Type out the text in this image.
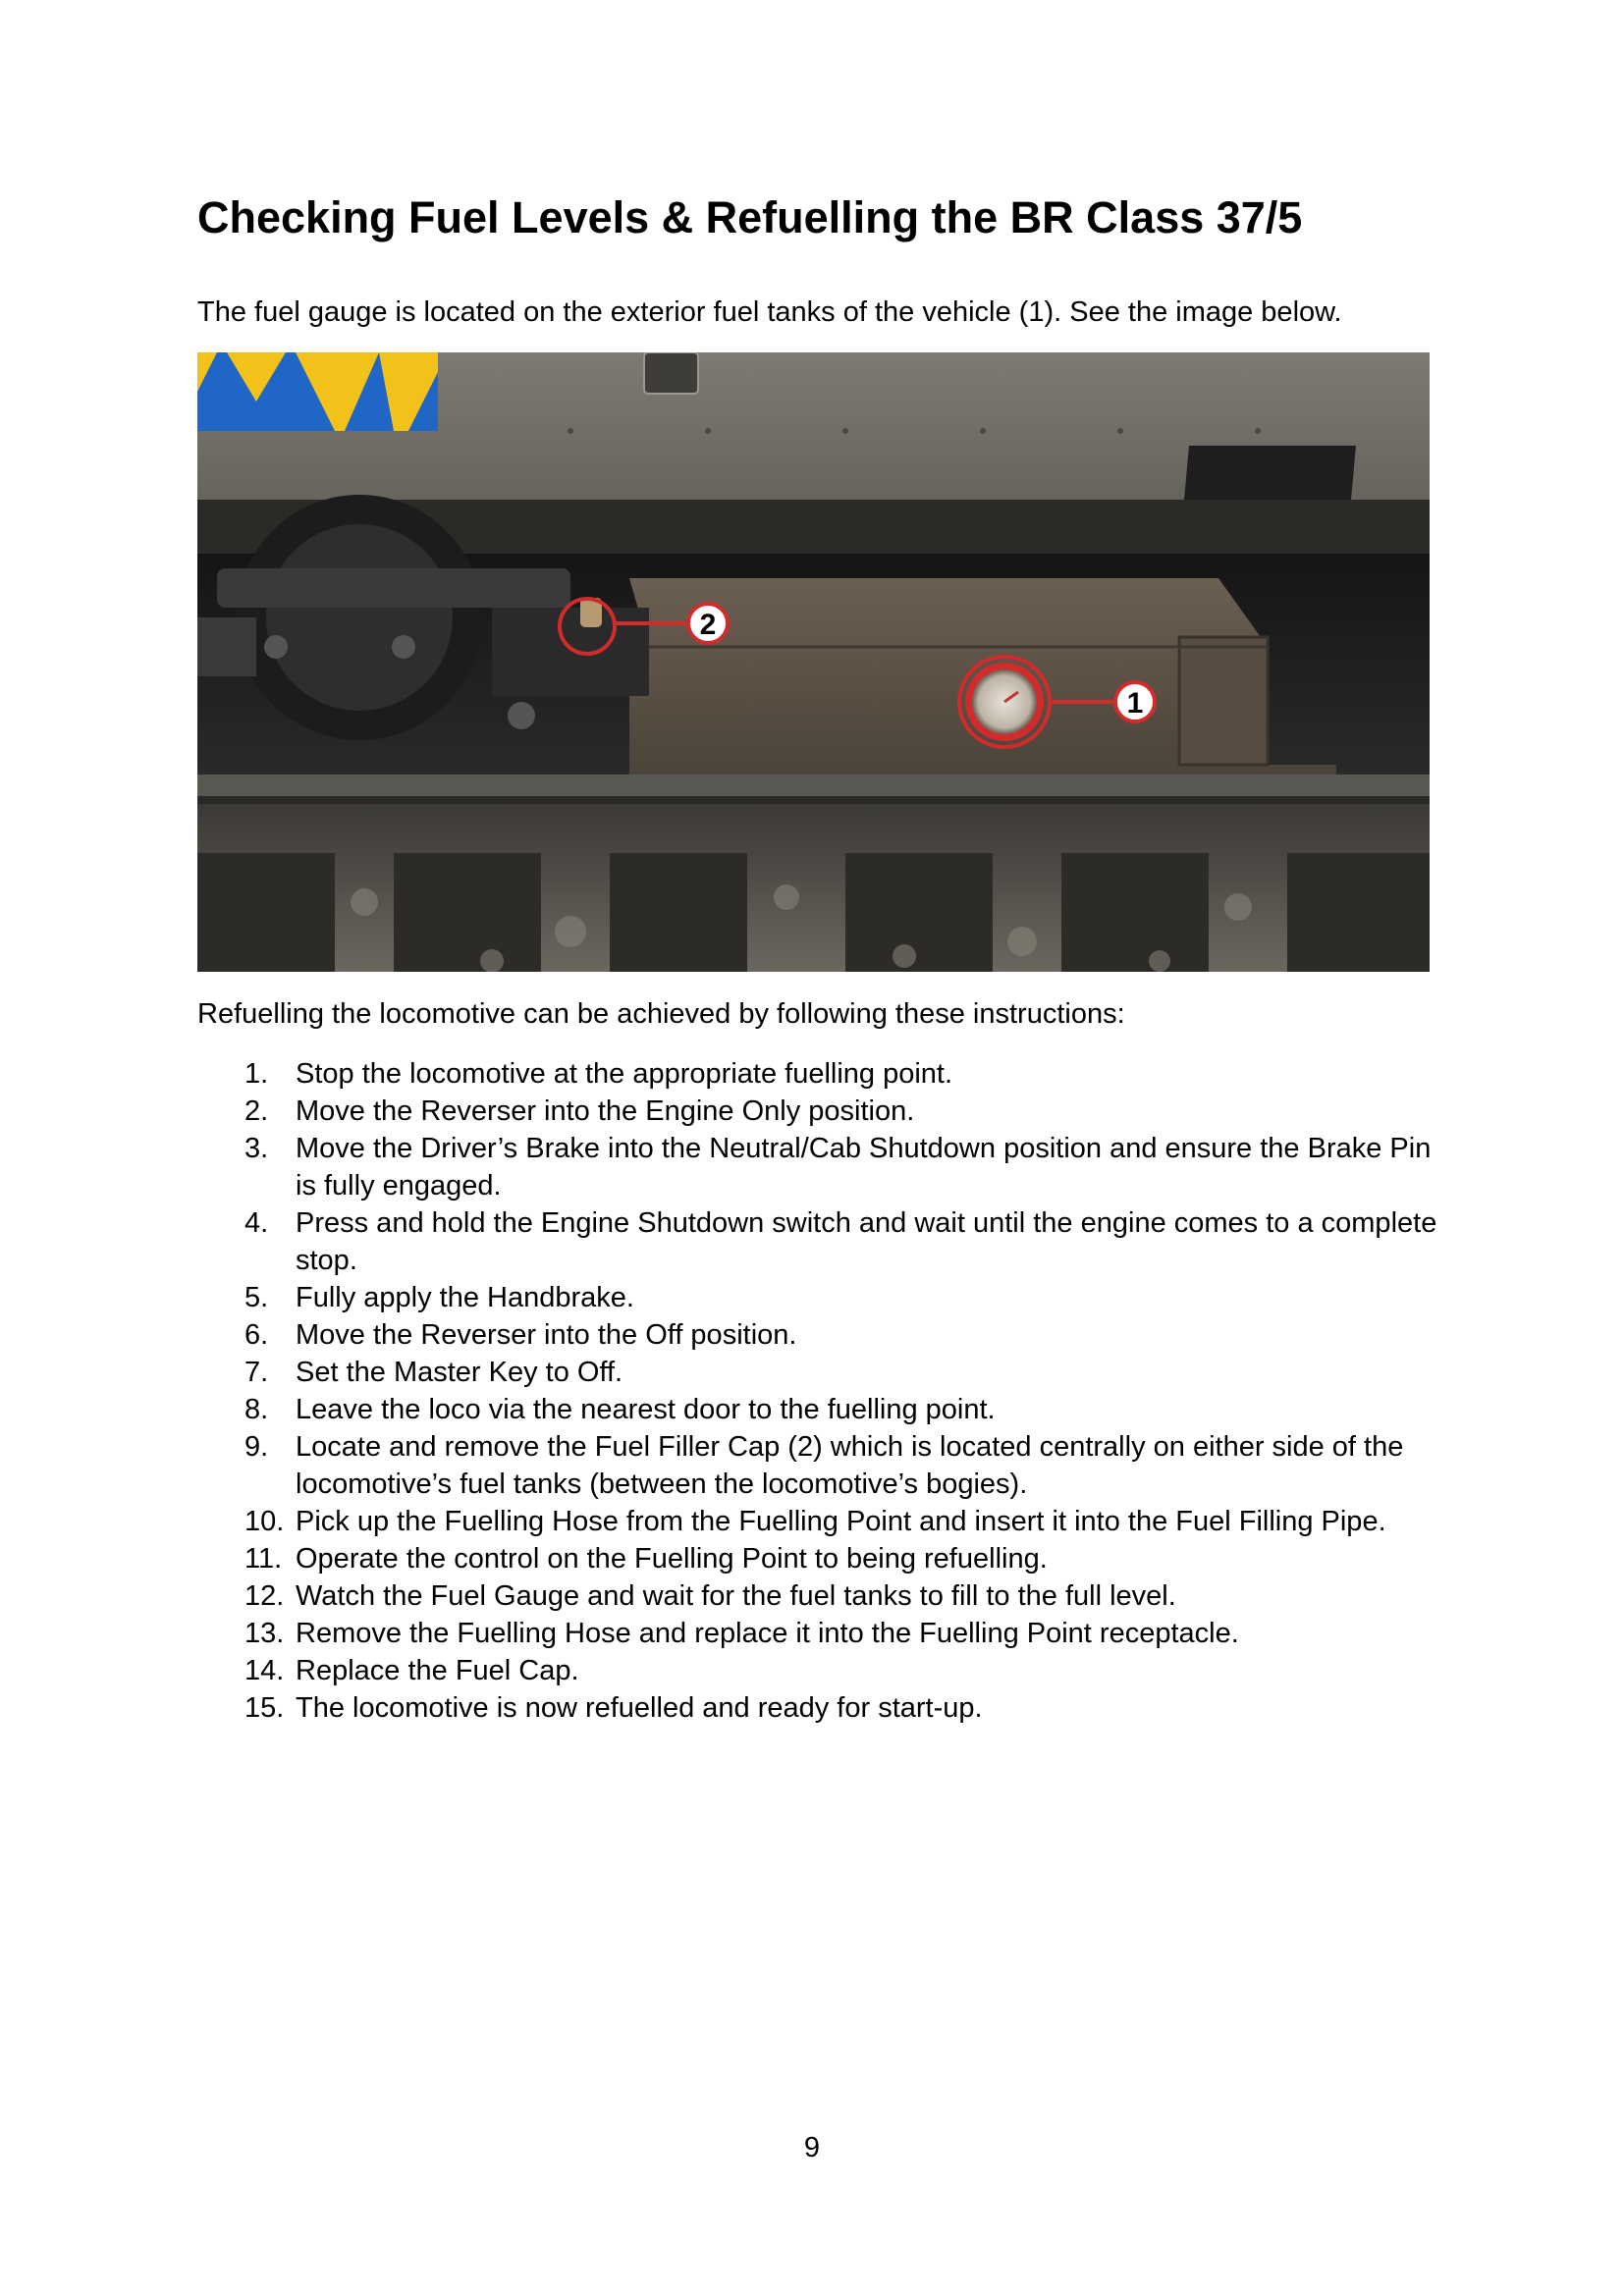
Checking Fuel Levels & Refuelling the BR Class 37/5

The fuel gauge is located on the exterior fuel tanks of the vehicle (1). See the image below.

2
1

Refuelling the locomotive can be achieved by following these instructions:

1. Stop the locomotive at the appropriate fuelling point.
2. Move the Reverser into the Engine Only position.
3. Move the Driver’s Brake into the Neutral/Cab Shutdown position and ensure the Brake Pin is fully engaged.
4. Press and hold the Engine Shutdown switch and wait until the engine comes to a complete stop.
5. Fully apply the Handbrake.
6. Move the Reverser into the Off position.
7. Set the Master Key to Off.
8. Leave the loco via the nearest door to the fuelling point.
9. Locate and remove the Fuel Filler Cap (2) which is located centrally on either side of the locomotive’s fuel tanks (between the locomotive’s bogies).
10. Pick up the Fuelling Hose from the Fuelling Point and insert it into the Fuel Filling Pipe.
11. Operate the control on the Fuelling Point to being refuelling.
12. Watch the Fuel Gauge and wait for the fuel tanks to fill to the full level.
13. Remove the Fuelling Hose and replace it into the Fuelling Point receptacle.
14. Replace the Fuel Cap.
15. The locomotive is now refuelled and ready for start-up.
9
